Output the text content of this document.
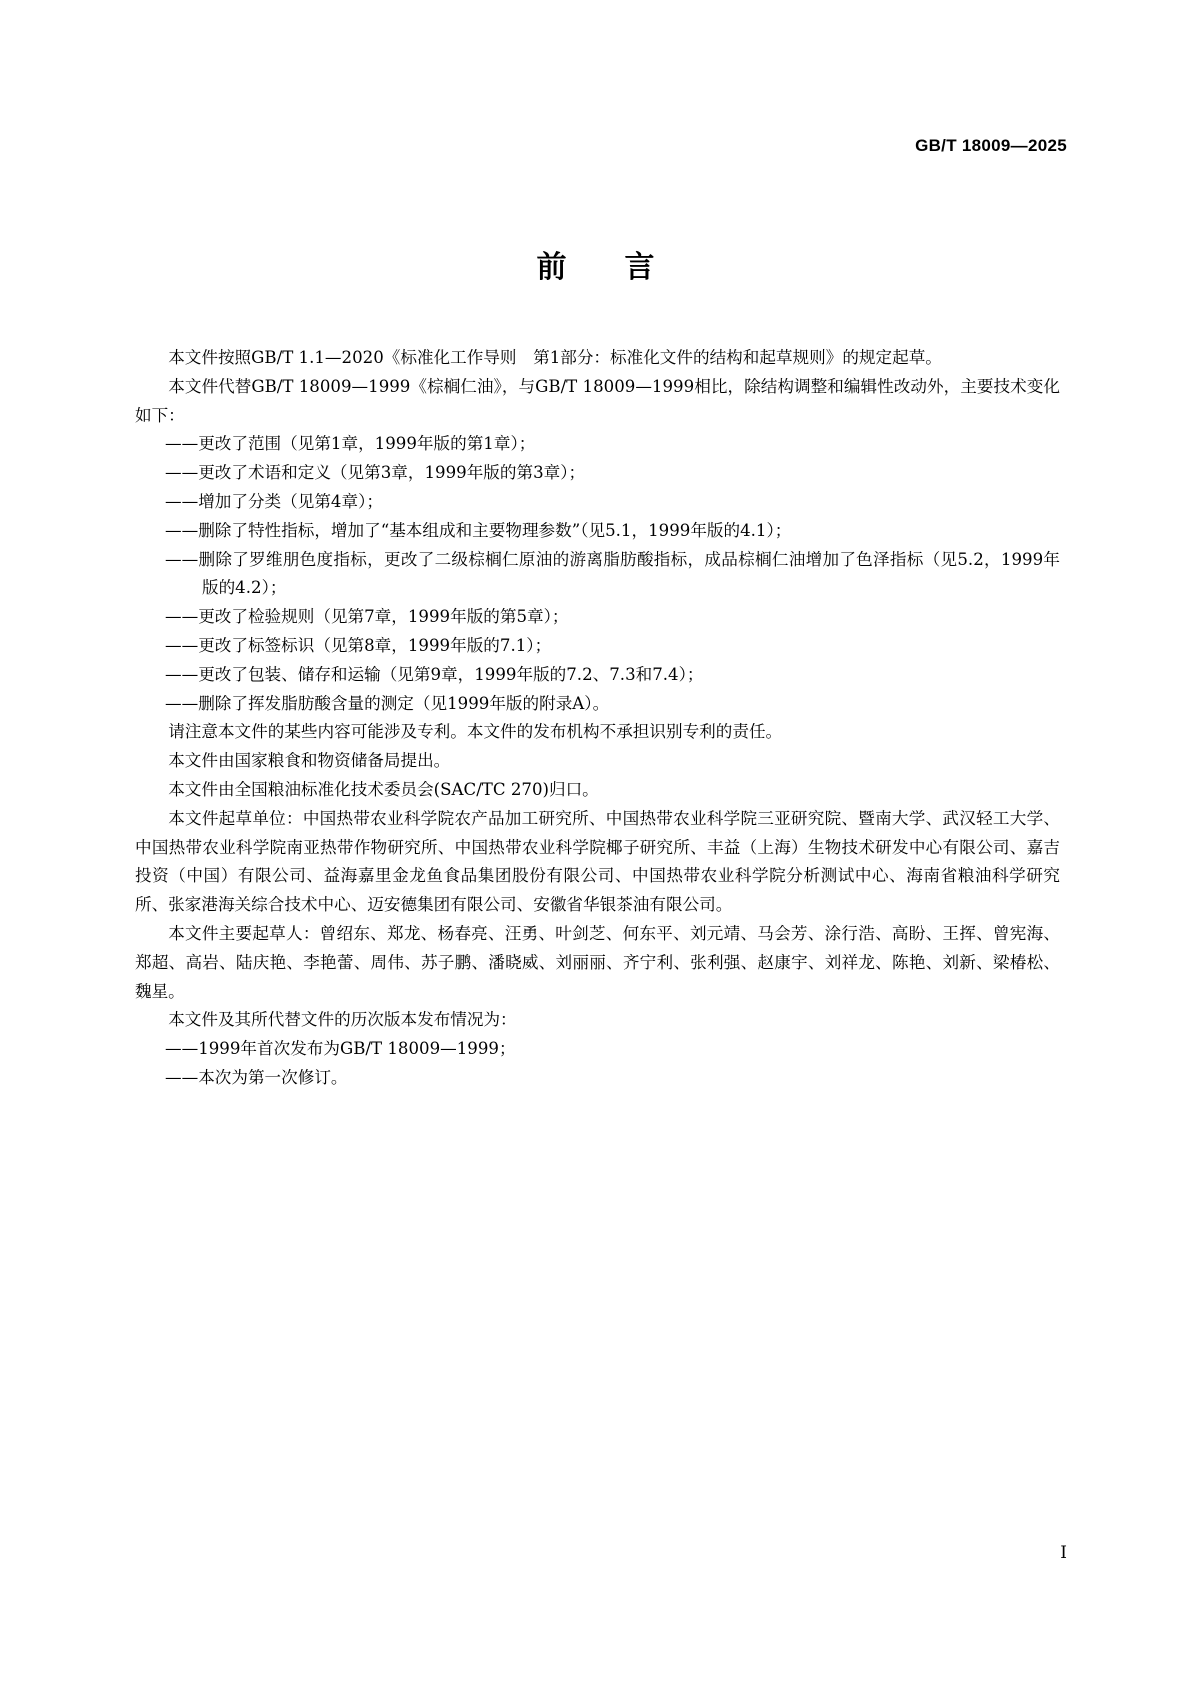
GB/T 18009—2025
前言

本文件按照GB/T 1.1—2020《标准化工作导则　第1部分：标准化文件的结构和起草规则》的规定起草。

本文件代替GB/T 18009—1999《棕榈仁油》，与GB/T 18009—1999相比，除结构调整和编辑性改动外，主要技术变化如下：

——更改了范围（见第1章，1999年版的第1章）；

——更改了术语和定义（见第3章，1999年版的第3章）；

——增加了分类（见第4章）；

——删除了特性指标，增加了“基本组成和主要物理参数”（见5.1，1999年版的4.1）；

——删除了罗维朋色度指标，更改了二级棕榈仁原油的游离脂肪酸指标，成品棕榈仁油增加了色泽指标（见5.2，1999年版的4.2）；

——更改了检验规则（见第7章，1999年版的第5章）；

——更改了标签标识（见第8章，1999年版的7.1）；

——更改了包装、储存和运输（见第9章，1999年版的7.2、7.3和7.4）；

——删除了挥发脂肪酸含量的测定（见1999年版的附录A）。

请注意本文件的某些内容可能涉及专利。本文件的发布机构不承担识别专利的责任。

本文件由国家粮食和物资储备局提出。

本文件由全国粮油标准化技术委员会(SAC/TC 270)归口。

本文件起草单位：中国热带农业科学院农产品加工研究所、中国热带农业科学院三亚研究院、暨南大学、武汉轻工大学、中国热带农业科学院南亚热带作物研究所、中国热带农业科学院椰子研究所、丰益（上海）生物技术研发中心有限公司、嘉吉投资（中国）有限公司、益海嘉里金龙鱼食品集团股份有限公司、中国热带农业科学院分析测试中心、海南省粮油科学研究所、张家港海关综合技术中心、迈安德集团有限公司、安徽省华银茶油有限公司。

本文件主要起草人：曾绍东、郑龙、杨春亮、汪勇、叶剑芝、何东平、刘元靖、马会芳、涂行浩、高盼、王挥、曾宪海、郑超、高岩、陆庆艳、李艳蕾、周伟、苏子鹏、潘晓威、刘丽丽、齐宁利、张利强、赵康宇、刘祥龙、陈艳、刘新、梁椿松、魏星。

本文件及其所代替文件的历次版本发布情况为：

——1999年首次发布为GB/T 18009—1999；

——本次为第一次修订。

I
